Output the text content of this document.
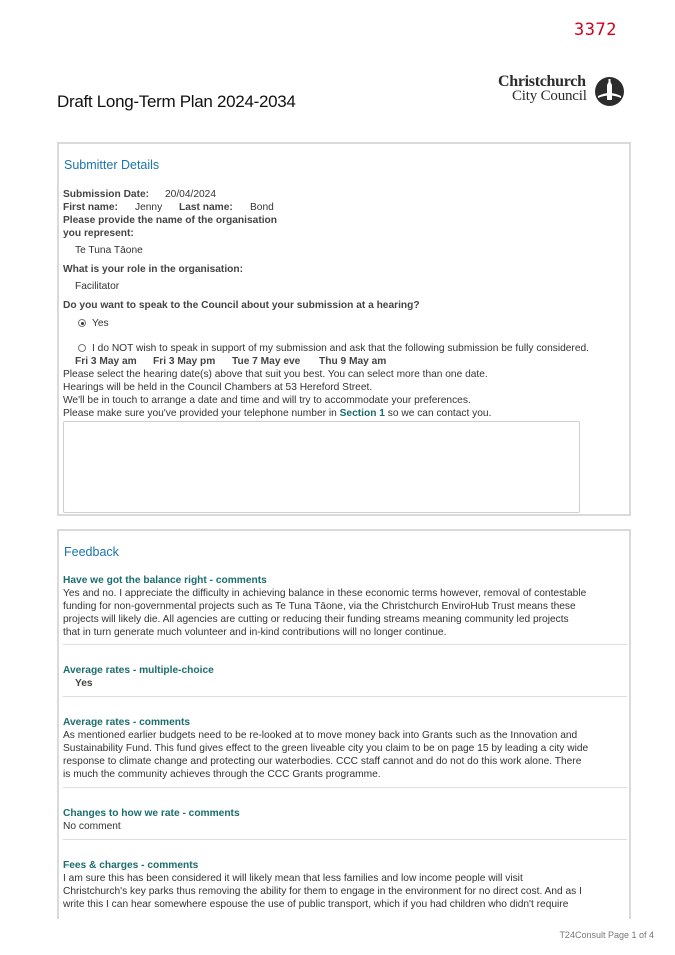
3372
Draft Long-Term Plan 2024-2034
Christchurch
City Council
Submitter Details
Submission Date: 20/04/2024
First name: Jenny Last name: Bond
Please provide the name of the organisation
you represent:
Te Tuna Tāone
What is your role in the organisation:
Facilitator
Do you want to speak to the Council about your submission at a hearing?
Yes
I do NOT wish to speak in support of my submission and ask that the following submission be fully considered.
Fri 3 May am Fri 3 May pm Tue 7 May eve Thu 9 May am
Please select the hearing date(s) above that suit you best. You can select more than one date.
Hearings will be held in the Council Chambers at 53 Hereford Street.
We'll be in touch to arrange a date and time and will try to accommodate your preferences.
Please make sure you've provided your telephone number in Section 1 so we can contact you.
Feedback
Have we got the balance right - comments
Yes and no. I appreciate the difficulty in achieving balance in these economic terms however, removal of contestable
funding for non-governmental projects such as Te Tuna Tāone, via the Christchurch EnviroHub Trust means these
projects will likely die. All agencies are cutting or reducing their funding streams meaning community led projects
that in turn generate much volunteer and in-kind contributions will no longer continue.
Average rates - multiple-choice
Yes
Average rates - comments
As mentioned earlier budgets need to be re-looked at to move money back into Grants such as the Innovation and
Sustainability Fund. This fund gives effect to the green liveable city you claim to be on page 15 by leading a city wide
response to climate change and protecting our waterbodies. CCC staff cannot and do not do this work alone. There
is much the community achieves through the CCC Grants programme.
Changes to how we rate - comments
No comment
Fees & charges - comments
I am sure this has been considered it will likely mean that less families and low income people will visit
Christchurch's key parks thus removing the ability for them to engage in the environment for no direct cost. And as I
write this I can hear somewhere espouse the use of public transport, which if you had children who didn't require
T24Consult Page 1 of 4
